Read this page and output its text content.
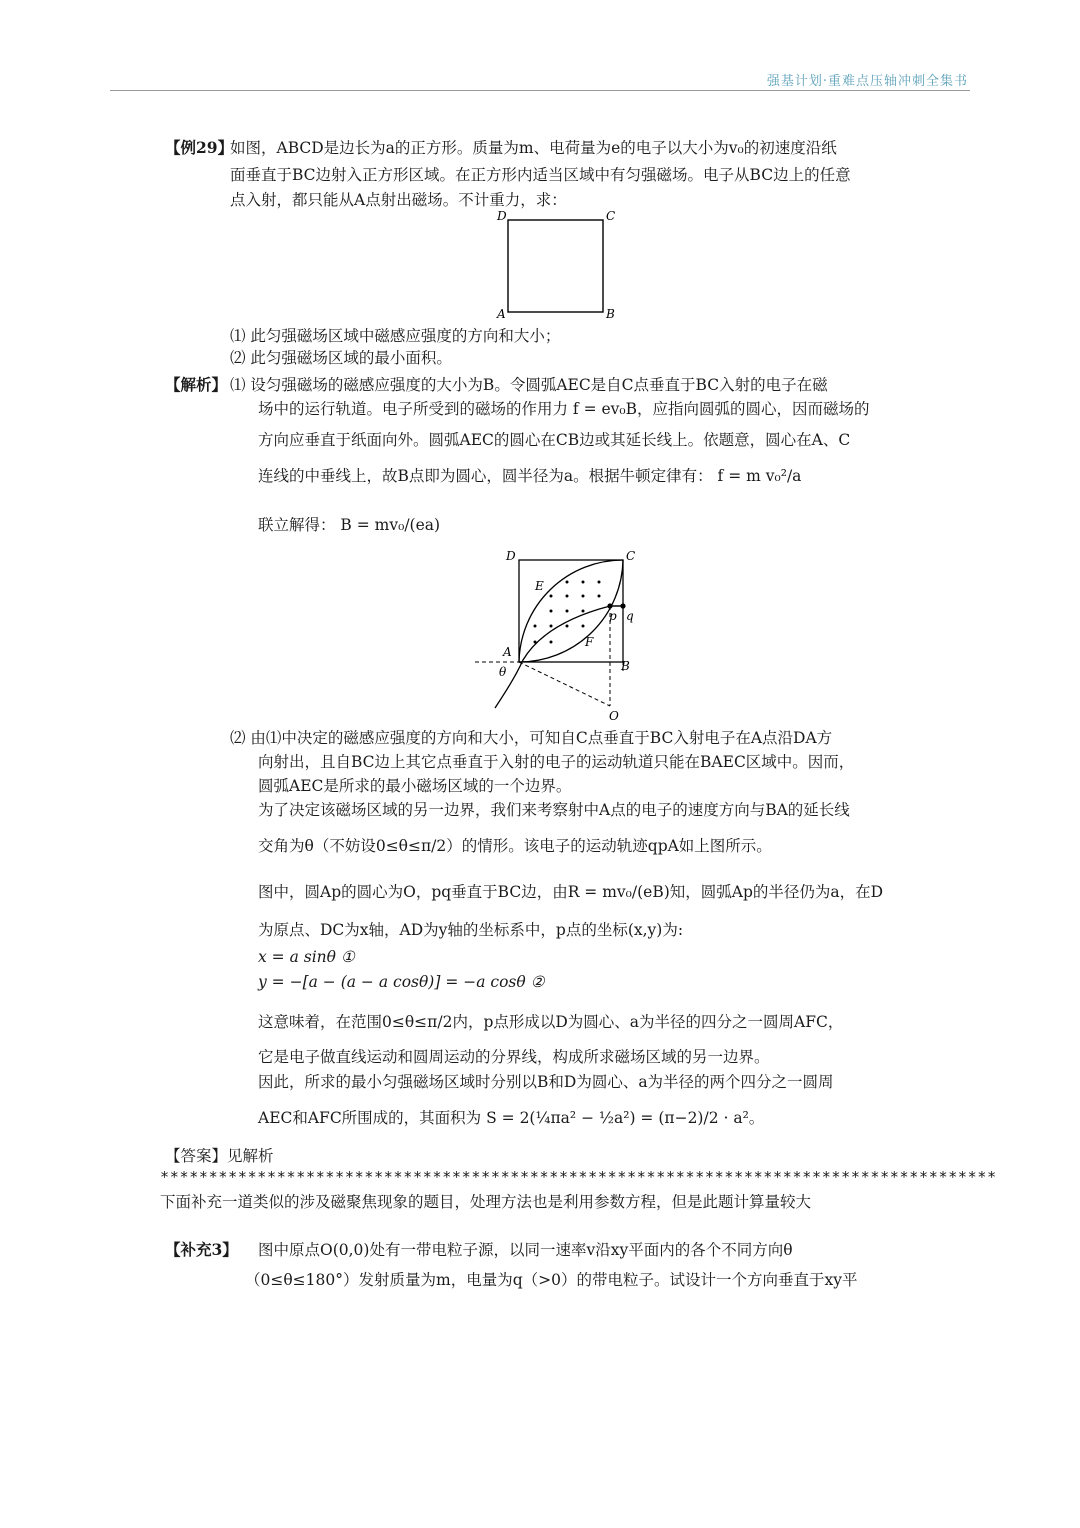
强基计划·重难点压轴冲刺全集书
【例29】
如图，ABCD是边长为a的正方形。质量为m、电荷量为e的电子以大小为v₀的初速度沿纸
面垂直于BC边射入正方形区域。在正方形内适当区域中有匀强磁场。电子从BC边上的任意
点入射，都只能从A点射出磁场。不计重力，求：
D	C
A	B
⑴ 此匀强磁场区域中磁感应强度的方向和大小；
⑵ 此匀强磁场区域的最小面积。
【解析】 ⑴ 设匀强磁场的磁感应强度的大小为B。令圆弧AEC是自C点垂直于BC入射的电子在磁
场中的运行轨道。电子所受到的磁场的作用力 f = ev₀B，应指向圆弧的圆心，因而磁场的
方向应垂直于纸面向外。圆弧AEC的圆心在CB边或其延长线上。依题意，圆心在A、C
连线的中垂线上，故B点即为圆心，圆半径为a。根据牛顿定律有： f = m v₀²/a
联立解得： B = mv₀/(ea)
D	C
E
p q
F
A
θ	B
O
⑵ 由⑴中决定的磁感应强度的方向和大小，可知自C点垂直于BC入射电子在A点沿DA方
向射出，且自BC边上其它点垂直于入射的电子的运动轨道只能在BAEC区域中。因而，
圆弧AEC是所求的最小磁场区域的一个边界。
为了决定该磁场区域的另一边界，我们来考察射中A点的电子的速度方向与BA的延长线
交角为θ（不妨设0≤θ≤π/2）的情形。该电子的运动轨迹qpA如上图所示。
图中，圆Ap的圆心为O，pq垂直于BC边，由R = mv₀/(eB)知，圆弧Ap的半径仍为a，在D
为原点、DC为x轴，AD为y轴的坐标系中，p点的坐标(x,y)为:
x = a sinθ ①
y = −[a − (a − a cosθ)] = −a cosθ ②
这意味着，在范围0≤θ≤π/2内，p点形成以D为圆心、a为半径的四分之一圆周AFC，
它是电子做直线运动和圆周运动的分界线，构成所求磁场区域的另一边界。
因此，所求的最小匀强磁场区域时分别以B和D为圆心、a为半径的两个四分之一圆周
AEC和AFC所围成的，其面积为 S = 2(¼πa² − ½a²) = (π−2)/2 · a²。
【答案】见解析
**************************************************************************************
下面补充一道类似的涉及磁聚焦现象的题目，处理方法也是利用参数方程，但是此题计算量较大
【补充3】 图中原点O(0,0)处有一带电粒子源，以同一速率v沿xy平面内的各个不同方向θ
（0≤θ≤180°）发射质量为m，电量为q（>0）的带电粒子。试设计一个方向垂直于xy平
